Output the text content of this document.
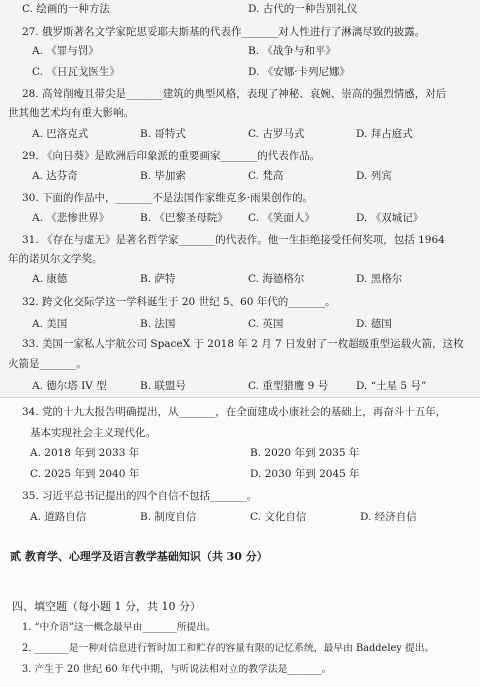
C. 绘画的一种方法	D. 古代的一种告别礼仪
27. 俄罗斯著名文学家陀思妥耶夫斯基的代表作_______对人性进行了淋漓尽致的披露。
A. 《罪与罚》	B. 《战争与和平》
C. 《日瓦戈医生》	D. 《安娜·卡列尼娜》
28. 高耸削瘦且带尖是_______建筑的典型风格，表现了神秘、哀婉、崇高的强烈情感，对后
世其他艺术均有重大影响。
A. 巴洛克式	B. 哥特式	C. 古罗马式	D. 拜占庭式
29. 《向日葵》是欧洲后印象派的重要画家_______的代表作品。
A. 达芬奇	B. 毕加索	C. 梵高	D. 列宾
30. 下面的作品中，_______不是法国作家维克多·雨果创作的。
A. 《悲惨世界》	B. 《巴黎圣母院》 C. 《笑面人》	D. 《双城记》
31. 《存在与虚无》是著名哲学家_______的代表作。他一生拒绝接受任何奖项，包括 1964
年的诺贝尔文学奖。
A. 康德	B. 萨特	C. 海德格尔	D. 黑格尔
32. 跨文化交际学这一学科诞生于 20 世纪 5、60 年代的_______。
A. 美国	B. 法国	C. 英国	D. 德国
33. 美国一家私人宇航公司 SpaceX 于 2018 年 2 月 7 日发射了一枚超级重型运载火箭，这枚
火箭是_______。
A. 德尔塔 IV 型	B. 联盟号	C. 重型猎鹰 9 号	D. “土星 5 号”
34. 党的十九大报告明确提出，从_______，在全面建成小康社会的基础上，再奋斗十五年，
基本实现社会主义现代化。
A. 2018 年到 2033 年	B. 2020 年到 2035 年
C. 2025 年到 2040 年	D. 2030 年到 2045 年
35. 习近平总书记提出的四个自信不包括_______。
A. 道路自信	B. 制度自信	C. 文化自信	D. 经济自信
贰 教育学、心理学及语言教学基础知识（共 30 分）
四、填空题（每小题 1 分，共 10 分）
1. “中介语”这一概念最早由_______所提出。
2. _______是一种对信息进行暂时加工和贮存的容量有限的记忆系统，最早由 Baddeley 提出。
3. 产生于 20 世纪 60 年代中期，与听说法相对立的教学法是_______。
